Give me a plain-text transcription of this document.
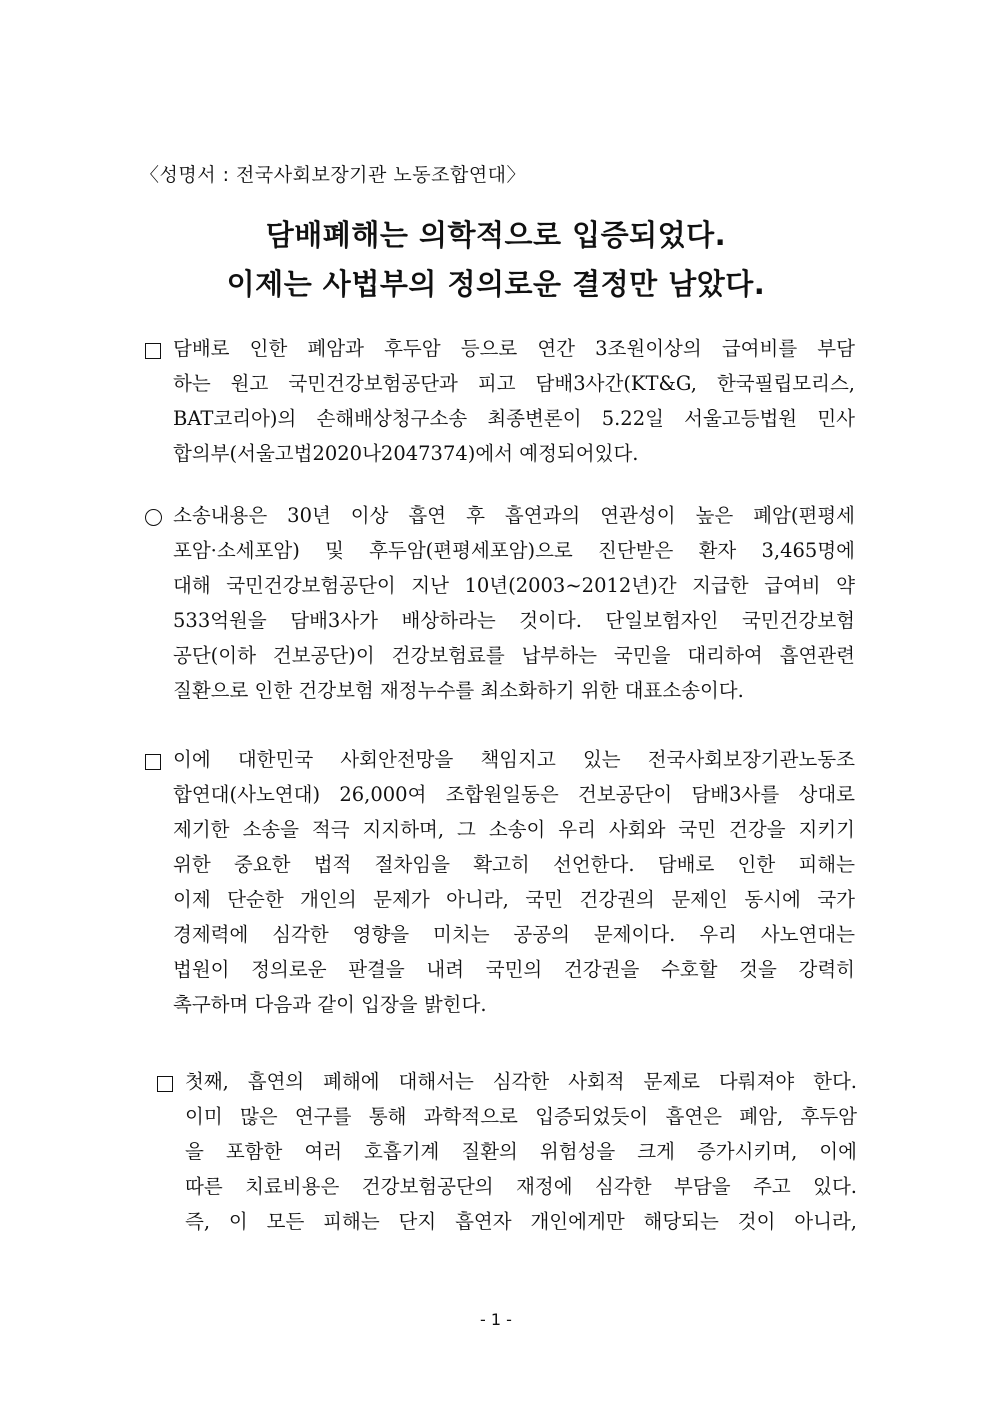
〈성명서 : 전국사회보장기관 노동조합연대〉
담배폐해는 의학적으로 입증되었다.
이제는 사법부의 정의로운 결정만 남았다.
담배로 인한 폐암과 후두암 등으로 연간 3조원이상의 급여비를 부담
하는 원고 국민건강보험공단과 피고 담배3사간(KT&G, 한국필립모리스,
BAT코리아)의 손해배상청구소송 최종변론이 5.22일 서울고등법원 민사
합의부(서울고법2020나2047374)에서 예정되어있다.
소송내용은 30년 이상 흡연 후 흡연과의 연관성이 높은 폐암(편평세
포암·소세포암) 및 후두암(편평세포암)으로 진단받은 환자 3,465명에
대해 국민건강보험공단이 지난 10년(2003~2012년)간 지급한 급여비 약
533억원을 담배3사가 배상하라는 것이다. 단일보험자인 국민건강보험
공단(이하 건보공단)이 건강보험료를 납부하는 국민을 대리하여 흡연관련
질환으로 인한 건강보험 재정누수를 최소화하기 위한 대표소송이다.
이에 대한민국 사회안전망을 책임지고 있는 전국사회보장기관노동조
합연대(사노연대) 26,000여 조합원일동은 건보공단이 담배3사를 상대로
제기한 소송을 적극 지지하며, 그 소송이 우리 사회와 국민 건강을 지키기
위한 중요한 법적 절차임을 확고히 선언한다. 담배로 인한 피해는
이제 단순한 개인의 문제가 아니라, 국민 건강권의 문제인 동시에 국가
경제력에 심각한 영향을 미치는 공공의 문제이다. 우리 사노연대는
법원이 정의로운 판결을 내려 국민의 건강권을 수호할 것을 강력히
촉구하며 다음과 같이 입장을 밝힌다.
첫째, 흡연의 폐해에 대해서는 심각한 사회적 문제로 다뤄져야 한다.
이미 많은 연구를 통해 과학적으로 입증되었듯이 흡연은 폐암, 후두암
을 포함한 여러 호흡기계 질환의 위험성을 크게 증가시키며, 이에
따른 치료비용은 건강보험공단의 재정에 심각한 부담을 주고 있다.
즉, 이 모든 피해는 단지 흡연자 개인에게만 해당되는 것이 아니라,
- 1 -
